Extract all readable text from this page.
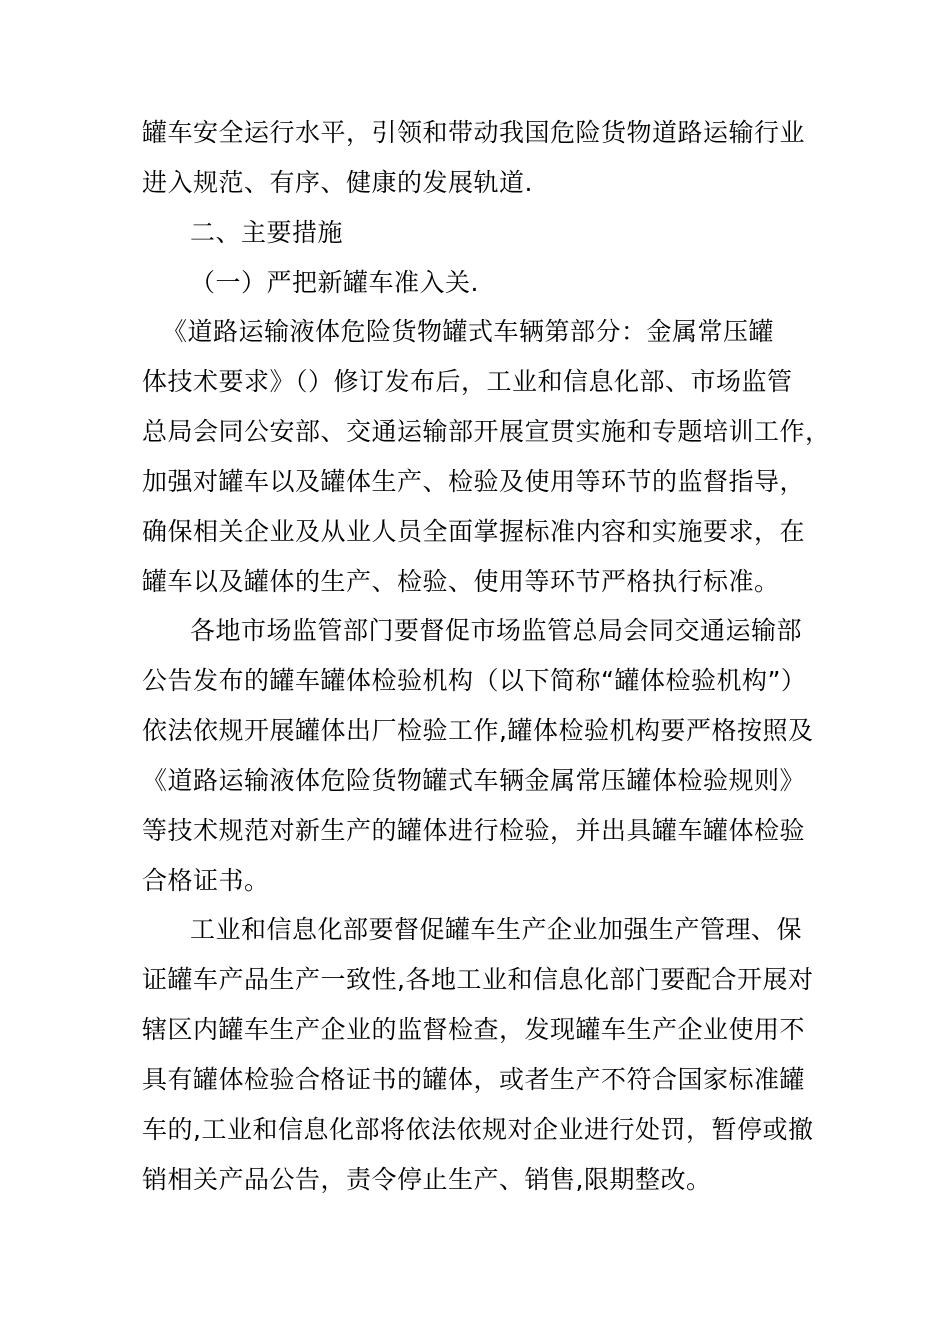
罐车安全运行水平，引领和带动我国危险货物道路运输行业
进入规范、有序、健康的发展轨道.
二、主要措施
（一）严把新罐车准入关.
《道路运输液体危险货物罐式车辆第部分：金属常压罐
体技术要求》（）修订发布后，工业和信息化部、市场监管
总局会同公安部、交通运输部开展宣贯实施和专题培训工作，
加强对罐车以及罐体生产、检验及使用等环节的监督指导，
确保相关企业及从业人员全面掌握标准内容和实施要求，在
罐车以及罐体的生产、检验、使用等环节严格执行标准。
各地市场监管部门要督促市场监管总局会同交通运输部
公告发布的罐车罐体检验机构（以下简称“罐体检验机构”）
依法依规开展罐体出厂检验工作,罐体检验机构要严格按照及
《道路运输液体危险货物罐式车辆金属常压罐体检验规则》
等技术规范对新生产的罐体进行检验，并出具罐车罐体检验
合格证书。
工业和信息化部要督促罐车生产企业加强生产管理、保
证罐车产品生产一致性,各地工业和信息化部门要配合开展对
辖区内罐车生产企业的监督检查，发现罐车生产企业使用不
具有罐体检验合格证书的罐体，或者生产不符合国家标准罐
车的,工业和信息化部将依法依规对企业进行处罚，暂停或撤
销相关产品公告，责令停止生产、销售,限期整改。
